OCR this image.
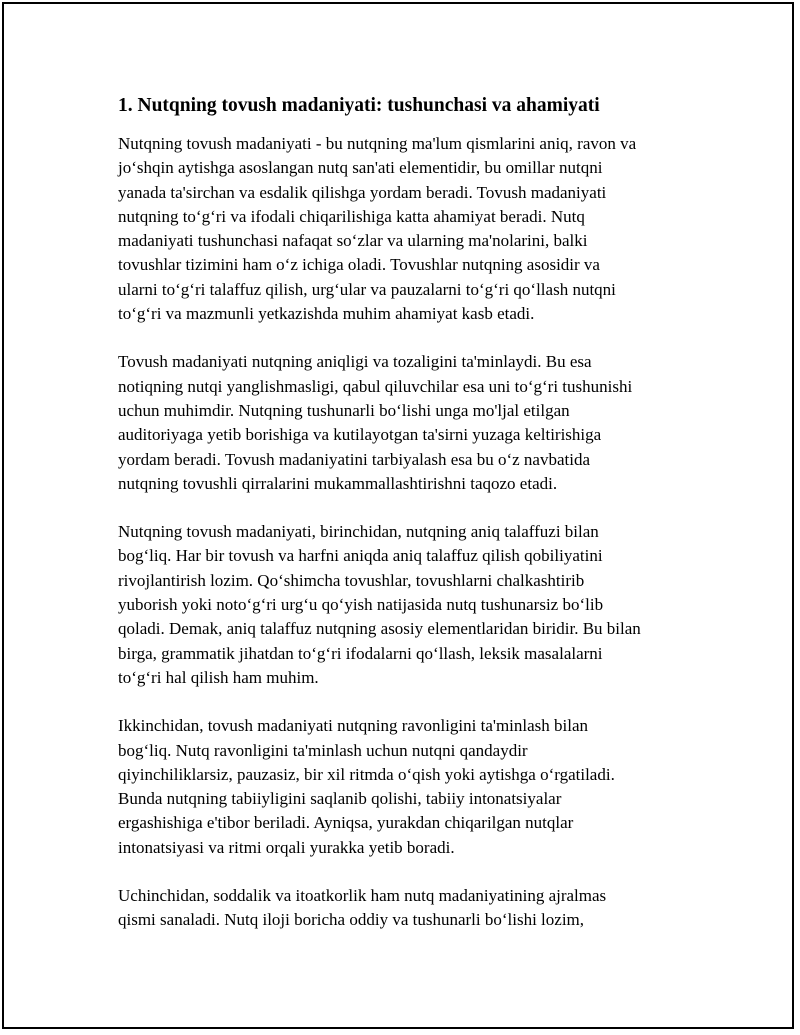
1. Nutqning tovush madaniyati: tushunchasi va ahamiyati
Nutqning tovush madaniyati - bu nutqning ma'lum qismlarini aniq, ravon va
jo‘shqin aytishga asoslangan nutq san'ati elementidir, bu omillar nutqni
yanada ta'sirchan va esdalik qilishga yordam beradi. Tovush madaniyati
nutqning to‘g‘ri va ifodali chiqarilishiga katta ahamiyat beradi. Nutq
madaniyati tushunchasi nafaqat so‘zlar va ularning ma'nolarini, balki
tovushlar tizimini ham o‘z ichiga oladi. Tovushlar nutqning asosidir va
ularni to‘g‘ri talaffuz qilish, urg‘ular va pauzalarni to‘g‘ri qo‘llash nutqni
to‘g‘ri va mazmunli yetkazishda muhim ahamiyat kasb etadi.
Tovush madaniyati nutqning aniqligi va tozaligini ta'minlaydi. Bu esa
notiqning nutqi yanglishmasligi, qabul qiluvchilar esa uni to‘g‘ri tushunishi
uchun muhimdir. Nutqning tushunarli bo‘lishi unga mo'ljal etilgan
auditoriyaga yetib borishiga va kutilayotgan ta'sirni yuzaga keltirishiga
yordam beradi. Tovush madaniyatini tarbiyalash esa bu o‘z navbatida
nutqning tovushli qirralarini mukammallashtirishni taqozo etadi.
Nutqning tovush madaniyati, birinchidan, nutqning aniq talaffuzi bilan
bog‘liq. Har bir tovush va harfni aniqda aniq talaffuz qilish qobiliyatini
rivojlantirish lozim. Qo‘shimcha tovushlar, tovushlarni chalkashtirib
yuborish yoki noto‘g‘ri urg‘u qo‘yish natijasida nutq tushunarsiz bo‘lib
qoladi. Demak, aniq talaffuz nutqning asosiy elementlaridan biridir. Bu bilan
birga, grammatik jihatdan to‘g‘ri ifodalarni qo‘llash, leksik masalalarni
to‘g‘ri hal qilish ham muhim.
Ikkinchidan, tovush madaniyati nutqning ravonligini ta'minlash bilan
bog‘liq. Nutq ravonligini ta'minlash uchun nutqni qandaydir
qiyinchiliklarsiz, pauzasiz, bir xil ritmda o‘qish yoki aytishga o‘rgatiladi.
Bunda nutqning tabiiyligini saqlanib qolishi, tabiiy intonatsiyalar
ergashishiga e'tibor beriladi. Ayniqsa, yurakdan chiqarilgan nutqlar
intonatsiyasi va ritmi orqali yurakka yetib boradi.
Uchinchidan, soddalik va itoatkorlik ham nutq madaniyatining ajralmas
qismi sanaladi. Nutq iloji boricha oddiy va tushunarli bo‘lishi lozim,
